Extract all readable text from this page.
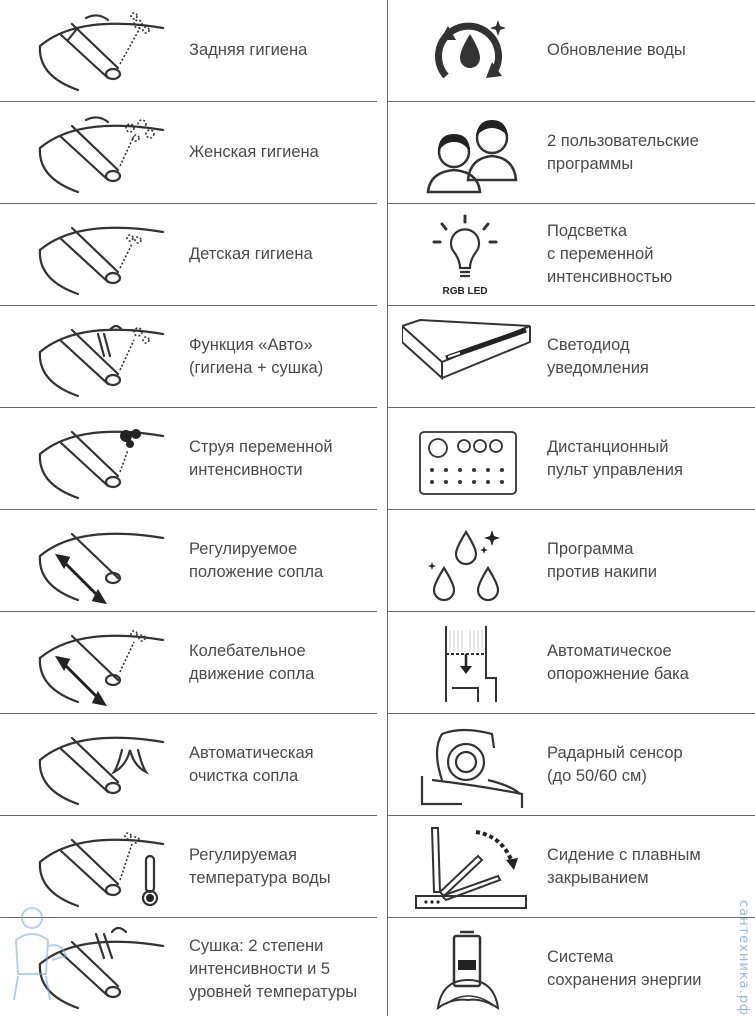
Задняя гигиена
Женская гигиена
Детская гигиена
Функция «Авто»
(гигиена + сушка)
Струя переменной
интенсивности
Регулируемое
положение сопла
Колебательное
движение сопла
Автоматическая
очистка сопла
Регулируемая
температура воды
Сушка: 2 степени
интенсивности и 5
уровней температуры
Обновление воды
2 пользовательские
программы
RGB LED
Подсветка
с переменной
интенсивностью
Светодиод
уведомления
Дистанционный
пульт управления
Программа
против накипи
Автоматическое
опорожнение бака
Радарный сенсор
(до 50/60 см)
Сидение с плавным
закрыванием
Система
сохранения энергии	сантехника.рф
